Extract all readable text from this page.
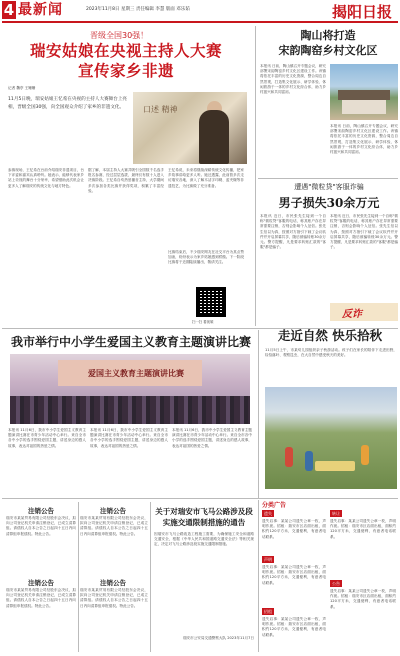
4 最新闻	2023年11月8日 星期三 责任编辑 李慧 版面 邓乐茹	揭阳日报
晋级全国30强！
瑞安姑娘在央视主持人大赛
宣传家乡非遗
记者 魏亭 王姗姗
11月5日晚，瑞安姑娘王忆希在央视的主持人大赛舞台上亮相，晋级全国30强，向全国观众介绍了家乡的非遗文化。	口述 精神
参赛现场，王忆希在台前介绍瑞安非遗项目，台下评委和嘉宾认真聆听。她表示，能够代表家乡站上央视的舞台十分荣幸，希望借助此次机会让更多人了解瑞安的传统文化与地方特色。
据了解，本届主持人大赛共吸引全国数千名选手报名参赛，经过层层选拔，最终仅有数十人进入决赛阶段。王忆希自幼热爱播音主持，大学期间多次参加各类比赛并获得奖项，积累了丰富经验。
王忆希说，未来将继续深耕传统文化传播，把家乡故事讲给更多人听。她还透露，此前曾多次走访瑞安各地，深入了解木活字印刷、蓝夹缬等非遗技艺，为比赛做了充分准备。
比赛结束后，不少瑞安网友在社交平台为其点赞加油，纷纷表示为家乡姑娘感到骄傲。下一阶段比赛将于近期陆续播出，敬请关注。
扫一扫 看视频
陶山将打造
宋韵陶窑乡村文化区
本报讯 日前，陶山镇召开专题会议，研究部署宋韵陶窑乡村文化区建设工作。该镇将依托丰富的历史文化资源，整合周边自然景观，打造集文化展示、研学体验、休闲旅游于一体的乡村文化综合体，助力乡村振兴和共同富裕。
本报讯 日前，陶山镇召开专题会议，研究部署宋韵陶窑乡村文化区建设工作。该镇将依托丰富的历史文化资源，整合周边自然景观，打造集文化展示、研学体验、休闲旅游于一体的乡村文化综合体，助力乡村振兴和共同富裕。
遭遇"微粒贷"客服诈骗
男子损失30余万元
本报讯 近日，市民张先生接到一个自称"微粒贷"客服的电话，称其账户存在异常需要注销，否则会影响个人征信。张先生信以为真，按照对方指引下载了会议软件并开启屏幕共享，随后被骗转账30余万元。警方提醒，凡是要求转账汇款的"客服"都是骗子。
本报讯 近日，市民张先生接到一个自称"微粒贷"客服的电话，称其账户存在异常需要注销，否则会影响个人征信。张先生信以为真，按照对方指引下载了会议软件并开启屏幕共享，随后被骗转账30余万元。警方提醒，凡是要求转账汇款的"客服"都是骗子。
反诈
我市举行中小学生爱国主义教育主题演讲比赛
爱国主义教育主题演讲比赛
本报讯 11月6日，我市中小学生爱国主义教育主题演讲比赛在市青少年活动中心举行。来自全市各中小学的选手围绕爱国主题，讲述身边的感人故事，表达对祖国的热爱之情。
本报讯 11月6日，我市中小学生爱国主义教育主题演讲比赛在市青少年活动中心举行。来自全市各中小学的选手围绕爱国主题，讲述身边的感人故事，表达对祖国的热爱之情。
本报讯 11月6日，我市中小学生爱国主义教育主题演讲比赛在市青少年活动中心举行。来自全市各中小学的选手围绕爱国主题，讲述身边的感人故事，表达对祖国的热爱之情。
走近自然 快乐拾秋
11月5日上午，市某幼儿园组织亲子秋游活动。孩子们在家长的陪伴下走进田野，捡拾落叶、观察昆虫，在大自然中感受秋天的美好。
注销公告
瑞安市某某贸易有限公司经股东会决议，拟向公司登记机关申请注销登记，已成立清算组。请债权人自本公告之日起四十五日内向清算组申报债权。特此公告。
注销公告
瑞安市某某贸易有限公司经股东会决议，拟向公司登记机关申请注销登记，已成立清算组。请债权人自本公告之日起四十五日内向清算组申报债权。特此公告。
注销公告
瑞安市某某贸易有限公司经股东会决议，拟向公司登记机关申请注销登记，已成立清算组。请债权人自本公告之日起四十五日内向清算组申报债权。特此公告。
注销公告
瑞安市某某贸易有限公司经股东会决议，拟向公司登记机关申请注销登记，已成立清算组。请债权人自本公告之日起四十五日内向清算组申报债权。特此公告。
关于对瑞安市飞马公路涉及段
实施交通限制措施的通告
因瑞安市飞马公路改造工程施工需要，为确保施工安全和道路交通安全，根据《中华人民共和国道路交通安全法》等相关规定，决定对飞马公路涉及段实施交通限制措施。
瑞安市公安局交通警察大队 2023年11月7日
分类广告
遗失
遗失启事：某某公司遗失公章一枚，声明作废。招租：瑞安市区店面出租，面积约120平方米，交通便利，有意者电话联系。
声明
遗失启事：某某公司遗失公章一枚，声明作废。招租：瑞安市区店面出租，面积约120平方米，交通便利，有意者电话联系。
招租
遗失启事：某某公司遗失公章一枚，声明作废。招租：瑞安市区店面出租，面积约120平方米，交通便利，有意者电话联系。
转让
遗失启事：某某公司遗失公章一枚，声明作废。招租：瑞安市区店面出租，面积约120平方米，交通便利，有意者电话联系。
公告
遗失启事：某某公司遗失公章一枚，声明作废。招租：瑞安市区店面出租，面积约120平方米，交通便利，有意者电话联系。
